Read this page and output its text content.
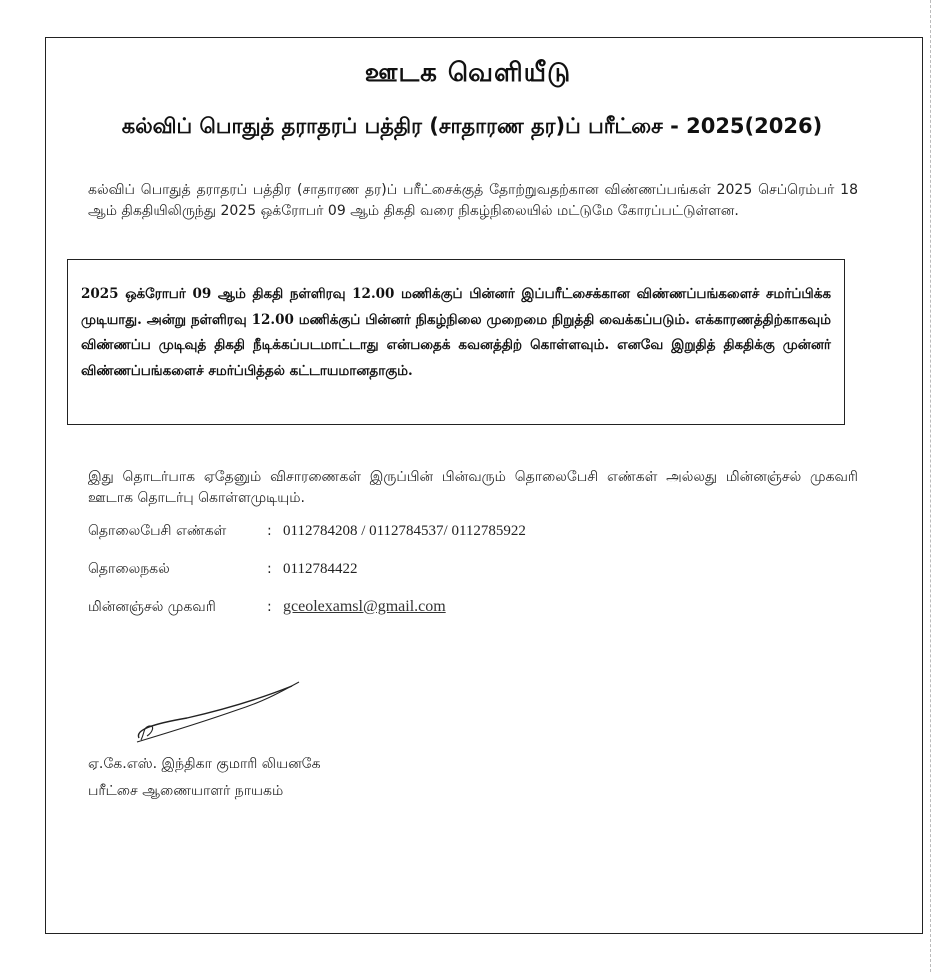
ஊடக வெளியீடு
கல்விப் பொதுத் தராதரப் பத்திர (சாதாரண தர)ப் பரீட்சை - 2025(2026)
கல்விப் பொதுத் தராதரப் பத்திர (சாதாரண தர)ப் பரீட்சைக்குத் தோற்றுவதற்கான விண்ணப்பங்கள் 2025 செப்ரெம்பர் 18 ஆம் திகதியிலிருந்து 2025 ஒக்ரோபர் 09 ஆம் திகதி வரை நிகழ்நிலையில் மட்டுமே கோரப்பட்டுள்ளன.
2025 ஒக்ரோபர் 09 ஆம் திகதி நள்ளிரவு 12.00 மணிக்குப் பின்னர் இப்பரீட்சைக்கான விண்ணப்பங்களைச் சமர்ப்பிக்க முடியாது. அன்று நள்ளிரவு 12.00 மணிக்குப் பின்னர் நிகழ்நிலை முறைமை நிறுத்தி வைக்கப்படும். எக்காரணத்திற்காகவும் விண்ணப்ப முடிவுத் திகதி நீடிக்கப்படமாட்டாது என்பதைக் கவனத்திற் கொள்ளவும். எனவே இறுதித் திகதிக்கு முன்னர் விண்ணப்பங்களைச் சமர்ப்பித்தல் கட்டாயமானதாகும்.
இது தொடர்பாக ஏதேனும் விசாரணைகள் இருப்பின் பின்வரும் தொலைபேசி எண்கள் அல்லது மின்னஞ்சல் முகவரி ஊடாக தொடர்பு கொள்ளமுடியும்.
தொலைபேசி எண்கள்	: 0112784208 / 0112784537/ 0112785922
தொலைநகல்	: 0112784422
மின்னஞ்சல் முகவரி	: gceolexamsl@gmail.com
ஏ.கே.எஸ். இந்திகா குமாரி லியனகே
பரீட்சை ஆணையாளர் நாயகம்
